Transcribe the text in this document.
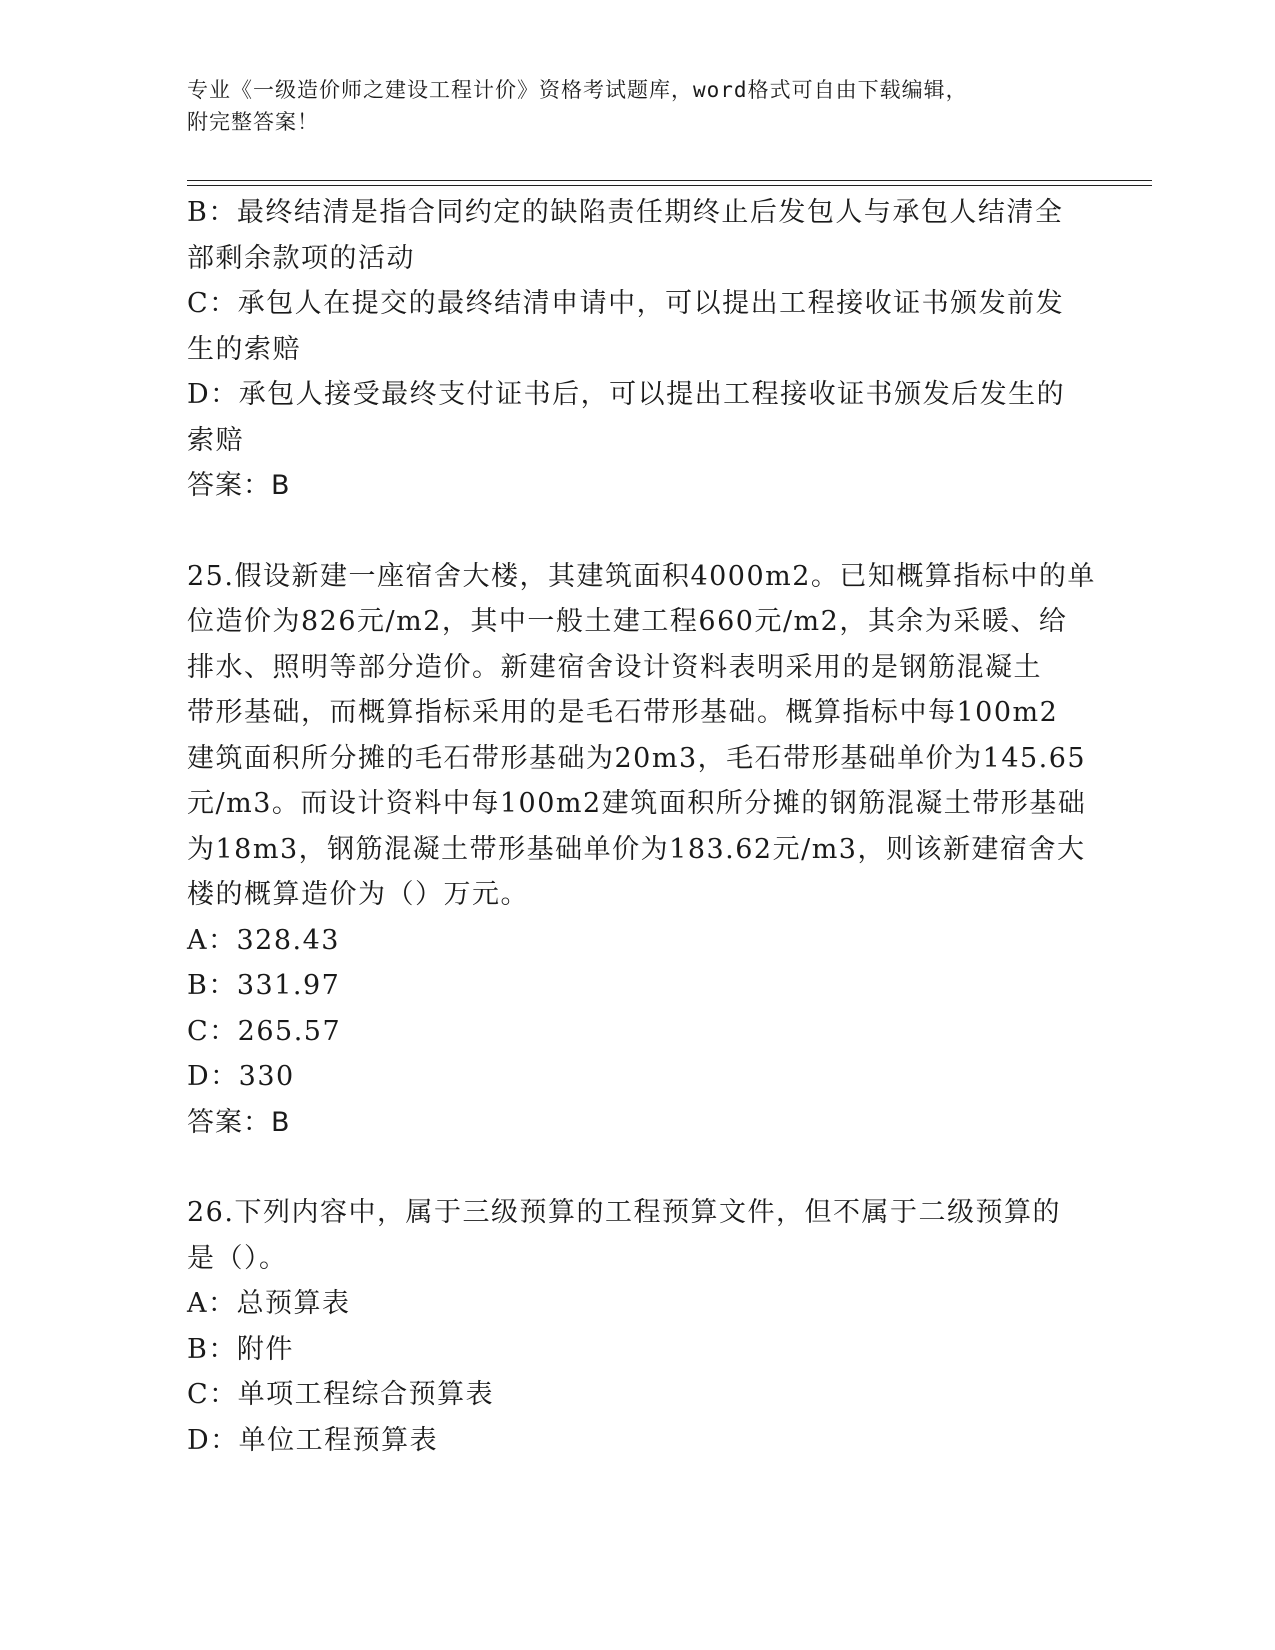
专业《一级造价师之建设工程计价》资格考试题库，word格式可自由下载编辑，
附完整答案！
B：最终结清是指合同约定的缺陷责任期终止后发包人与承包人结清全
部剩余款项的活动
C：承包人在提交的最终结清申请中，可以提出工程接收证书颁发前发
生的索赔
D：承包人接受最终支付证书后，可以提出工程接收证书颁发后发生的
索赔
答案：B
25.假设新建一座宿舍大楼，其建筑面积4000m2。已知概算指标中的单
位造价为826元/m2，其中一般土建工程660元/m2，其余为采暖、给
排水、照明等部分造价。新建宿舍设计资料表明采用的是钢筋混凝土
带形基础，而概算指标采用的是毛石带形基础。概算指标中每100m2
建筑面积所分摊的毛石带形基础为20m3，毛石带形基础单价为145.65
元/m3。而设计资料中每100m2建筑面积所分摊的钢筋混凝土带形基础
为18m3，钢筋混凝土带形基础单价为183.62元/m3，则该新建宿舍大
楼的概算造价为（）万元。
A：328.43
B：331.97
C：265.57
D：330
答案：B
26.下列内容中，属于三级预算的工程预算文件，但不属于二级预算的
是（）。
A：总预算表
B：附件
C：单项工程综合预算表
D：单位工程预算表
